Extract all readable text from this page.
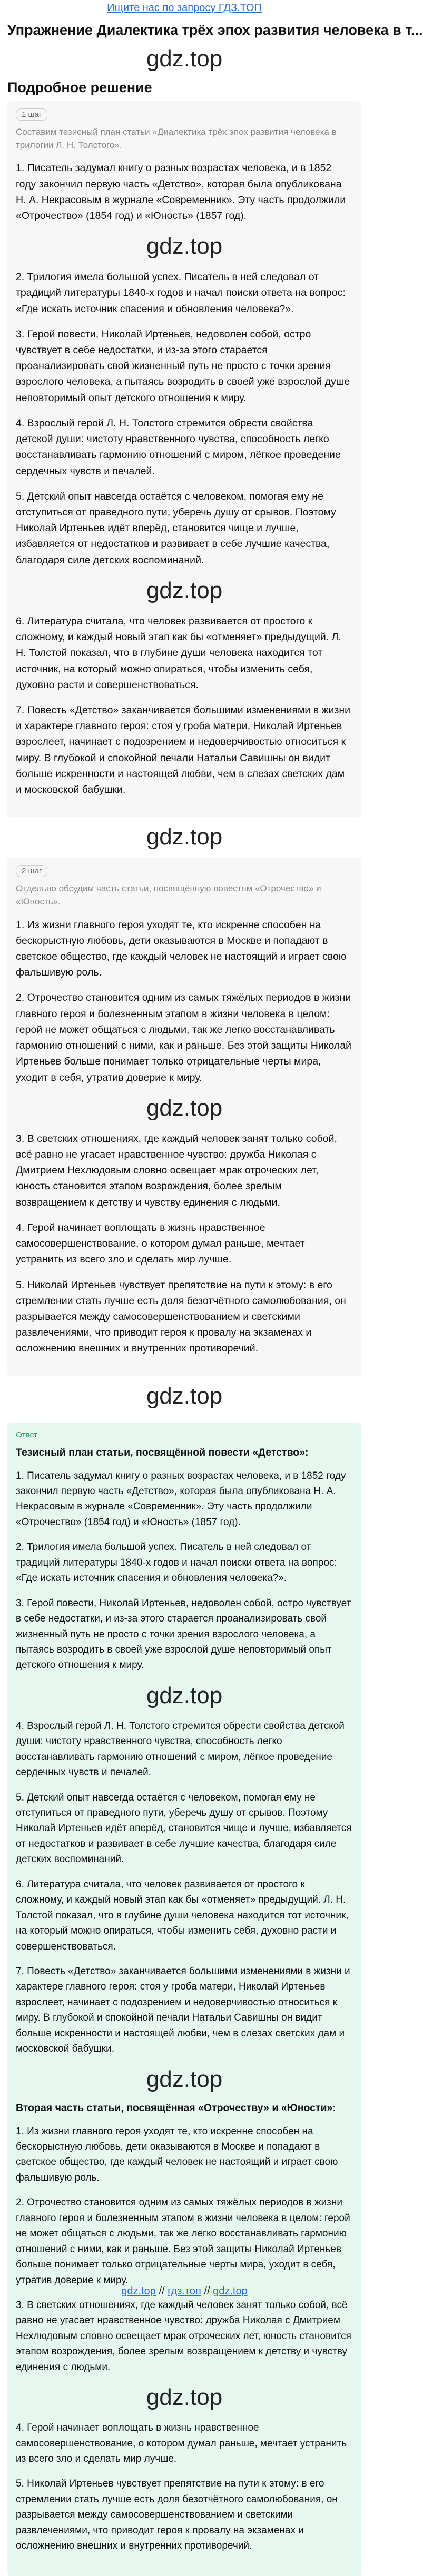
Ищите нас по запросу ГДЗ.ТОП
Упражнение Диалектика трёх эпох развития человека в т...
gdz.top
Подробное решение
1 шаг

Составим тезисный план статьи «Диалектика трёх эпох развития человека в трилогии Л. Н. Толстого».

1. Писатель задумал книгу о разных возрастах человека, и в 1852 году закончил первую часть «Детство», которая была опубликована Н. А. Некрасовым в журнале «Современник». Эту часть продолжили «Отрочество» (1854 год) и «Юность» (1857 год).

gdz.top

2. Трилогия имела большой успех. Писатель в ней следовал от традиций литературы 1840-х годов и начал поиски ответа на вопрос: «Где искать источник спасения и обновления человека?».

3. Герой повести, Николай Иртеньев, недоволен собой, остро чувствует в себе недостатки, и из-за этого старается проанализировать свой жизненный путь не просто с точки зрения взрослого человека, а пытаясь возродить в своей уже взрослой душе неповторимый опыт детского отношения к миру.

4. Взрослый герой Л. Н. Толстого стремится обрести свойства детской души: чистоту нравственного чувства, способность легко восстанавливать гармонию отношений с миром, лёгкое проведение сердечных чувств и печалей.

5. Детский опыт навсегда остаётся с человеком, помогая ему не отступиться от праведного пути, уберечь душу от срывов. Поэтому Николай Иртеньев идёт вперёд, становится чище и лучше, избавляется от недостатков и развивает в себе лучшие качества, благодаря силе детских воспоминаний.

gdz.top

6. Литература считала, что человек развивается от простого к сложному, и каждый новый этап как бы «отменяет» предыдущий. Л. Н. Толстой показал, что в глубине души человека находится тот источник, на который можно опираться, чтобы изменить себя, духовно расти и совершенствоваться.

7. Повесть «Детство» заканчивается большими изменениями в жизни и характере главного героя: стоя у гроба матери, Николай Иртеньев взрослеет, начинает с подозрением и недоверчивостью относиться к миру. В глубокой и спокойной печали Натальи Савишны он видит больше искренности и настоящей любви, чем в слезах светских дам и московской бабушки.

gdz.top
2 шаг

Отдельно обсудим часть статьи, посвящённую повестям «Отрочество» и «Юность».

1. Из жизни главного героя уходят те, кто искренне способен на бескорыстную любовь, дети оказываются в Москве и попадают в светское общество, где каждый человек не настоящий и играет свою фальшивую роль.

2. Отрочество становится одним из самых тяжёлых периодов в жизни главного героя и болезненным этапом в жизни человека в целом: герой не может общаться с людьми, так же легко восстанавливать гармонию отношений с ними, как и раньше. Без этой защиты Николай Иртеньев больше понимает только отрицательные черты мира, уходит в себя, утратив доверие к миру.

gdz.top

3. В светских отношениях, где каждый человек занят только собой, всё равно не угасает нравственное чувство: дружба Николая с Дмитрием Нехлюдовым словно освещает мрак отроческих лет, юность становится этапом возрождения, более зрелым возвращением к детству и чувству единения с людьми.

4. Герой начинает воплощать в жизнь нравственное самосовершенствование, о котором думал раньше, мечтает устранить из всего зло и сделать мир лучше.

5. Николай Иртеньев чувствует препятствие на пути к этому: в его стремлении стать лучше есть доля безотчётного самолюбования, он разрывается между самосовершенствованием и светскими развлечениями, что приводит героя к провалу на экзаменах и осложнению внешних и внутренних противоречий.

gdz.top
Ответ

Тезисный план статьи, посвящённой повести «Детство»:

1. Писатель задумал книгу о разных возрастах человека, и в 1852 году закончил первую часть «Детство», которая была опубликована Н. А. Некрасовым в журнале «Современник». Эту часть продолжили «Отрочество» (1854 год) и «Юность» (1857 год).

2. Трилогия имела большой успех. Писатель в ней следовал от традиций литературы 1840-х годов и начал поиски ответа на вопрос: «Где искать источник спасения и обновления человека?».

3. Герой повести, Николай Иртеньев, недоволен собой, остро чувствует в себе недостатки, и из-за этого старается проанализировать свой жизненный путь не просто с точки зрения взрослого человека, а пытаясь возродить в своей уже взрослой душе неповторимый опыт детского отношения к миру.

gdz.top

4. Взрослый герой Л. Н. Толстого стремится обрести свойства детской души: чистоту нравственного чувства, способность легко восстанавливать гармонию отношений с миром, лёгкое проведение сердечных чувств и печалей.

5. Детский опыт навсегда остаётся с человеком, помогая ему не отступиться от праведного пути, уберечь душу от срывов. Поэтому Николай Иртеньев идёт вперёд, становится чище и лучше, избавляется от недостатков и развивает в себе лучшие качества, благодаря силе детских воспоминаний.

6. Литература считала, что человек развивается от простого к сложному, и каждый новый этап как бы «отменяет» предыдущий. Л. Н. Толстой показал, что в глубине души человека находится тот источник, на который можно опираться, чтобы изменить себя, духовно расти и совершенствоваться.

7. Повесть «Детство» заканчивается большими изменениями в жизни и характере главного героя: стоя у гроба матери, Николай Иртеньев взрослеет, начинает с подозрением и недоверчивостью относиться к миру. В глубокой и спокойной печали Натальи Савишны он видит больше искренности и настоящей любви, чем в слезах светских дам и московской бабушки.

gdz.top

Вторая часть статьи, посвящённая «Отрочеству» и «Юности»:

1. Из жизни главного героя уходят те, кто искренне способен на бескорыстную любовь, дети оказываются в Москве и попадают в светское общество, где каждый человек не настоящий и играет свою фальшивую роль.

2. Отрочество становится одним из самых тяжёлых периодов в жизни главного героя и болезненным этапом в жизни человека в целом: герой не может общаться с людьми, так же легко восстанавливать гармонию отношений с ними, как и раньше. Без этой защиты Николай Иртеньев больше понимает только отрицательные черты мира, уходит в себя, утратив доверие к миру.

3. В светских отношениях, где каждый человек занят только собой, всё равно не угасает нравственное чувство: дружба Николая с Дмитрием Нехлюдовым словно освещает мрак отроческих лет, юность становится этапом возрождения, более зрелым возвращением к детству и чувству единения с людьми.

gdz.top

4. Герой начинает воплощать в жизнь нравственное самосовершенствование, о котором думал раньше, мечтает устранить из всего зло и сделать мир лучше.

5. Николай Иртеньев чувствует препятствие на пути к этому: в его стремлении стать лучше есть доля безотчётного самолюбования, он разрывается между самосовершенствованием и светскими развлечениями, что приводит героя к провалу на экзаменах и осложнению внешних и внутренних противоречий.

gdz.top // гдз.топ // gdz.top
